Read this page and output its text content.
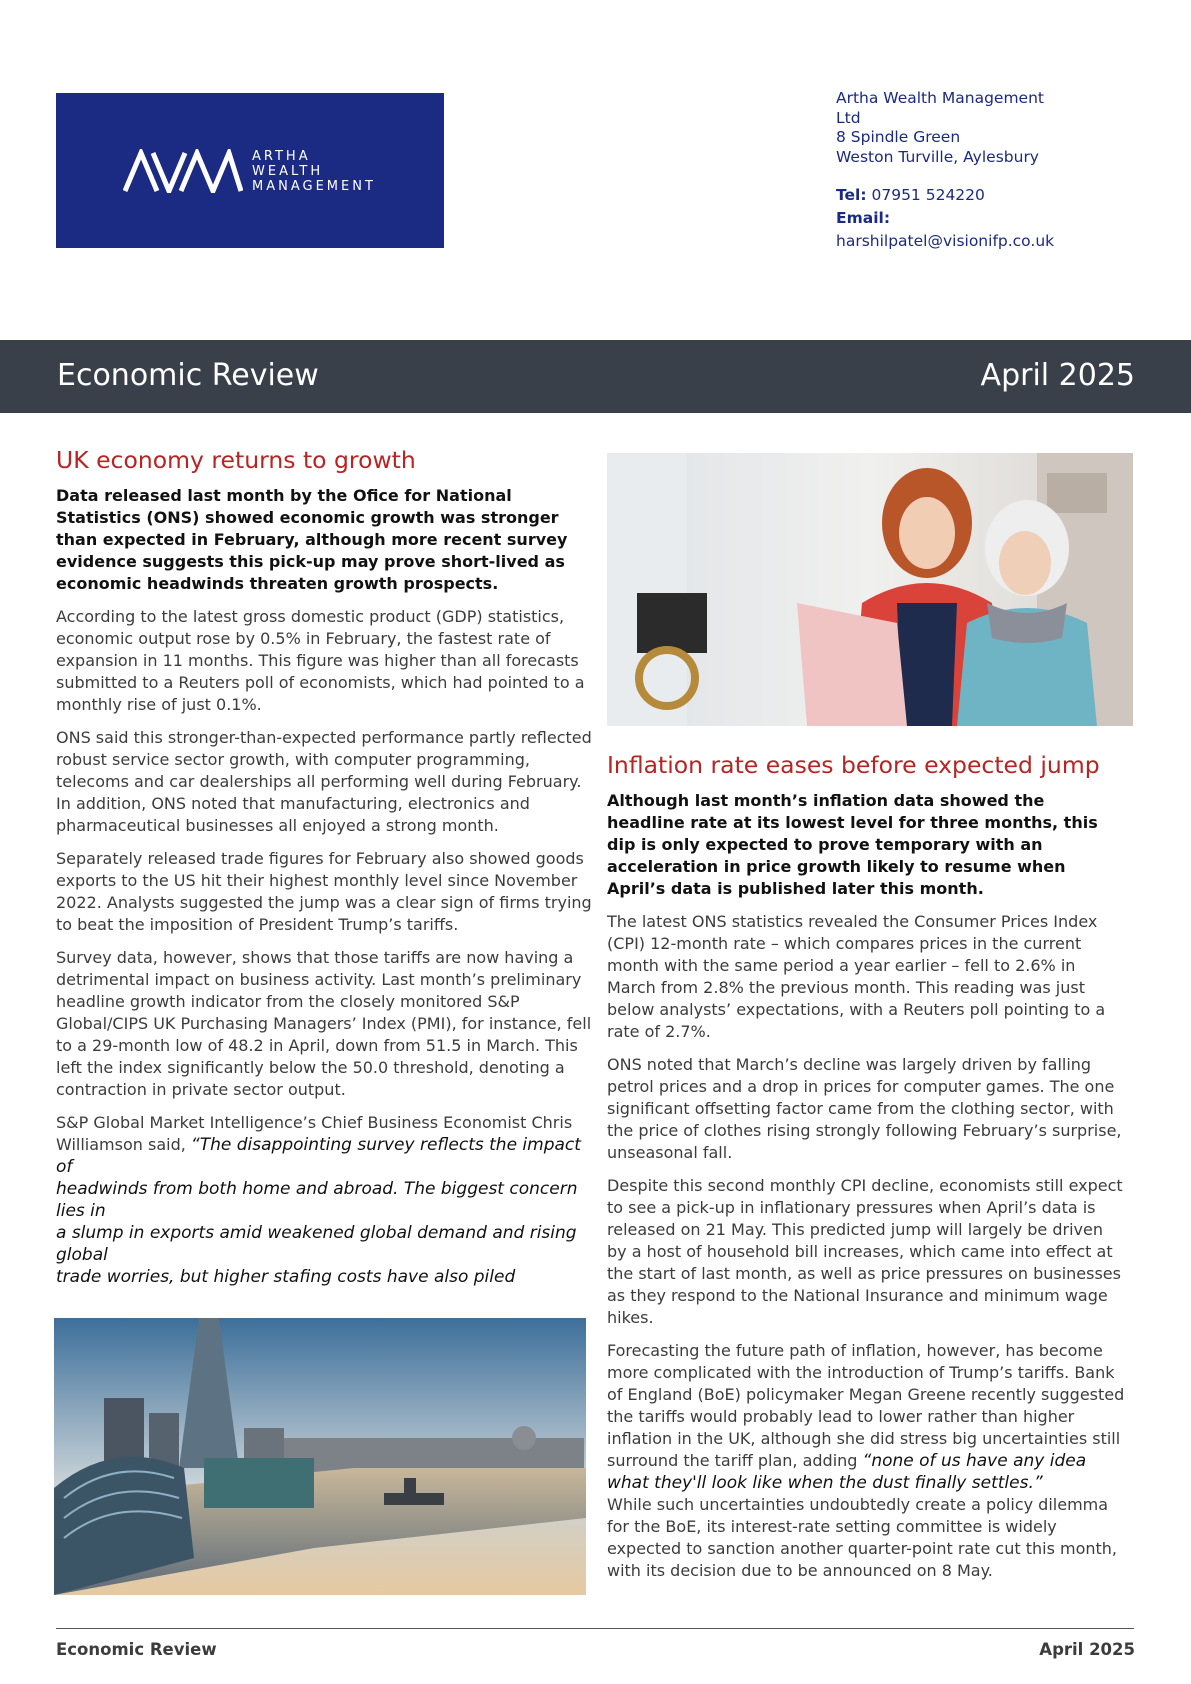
ARTHA
WEALTH
MANAGEMENT
Artha Wealth Management
Ltd
8 Spindle Green
Weston Turville, Aylesbury
Tel: 07951 524220
Email:
harshilpatel@visionifp.co.uk
Economic Review	April 2025
UK economy returns to growth

Data released last month by the Ofice for National Statistics (ONS) showed economic growth was stronger than expected in February, although more recent survey evidence suggests this pick-up may prove short-lived as economic headwinds threaten growth prospects.

According to the latest gross domestic product (GDP) statistics, economic output rose by 0.5% in February, the fastest rate of expansion in 11 months. This figure was higher than all forecasts submitted to a Reuters poll of economists, which had pointed to a monthly rise of just 0.1%.

ONS said this stronger-than-expected performance partly reflected robust service sector growth, with computer programming, telecoms and car dealerships all performing well during February. In addition, ONS noted that manufacturing, electronics and pharmaceutical businesses all enjoyed a strong month.

Separately released trade figures for February also showed goods exports to the US hit their highest monthly level since November 2022. Analysts suggested the jump was a clear sign of firms trying to beat the imposition of President Trump’s tariffs.

Survey data, however, shows that those tariffs are now having a detrimental impact on business activity. Last month’s preliminary headline growth indicator from the closely monitored S&P Global/CIPS UK Purchasing Managers’ Index (PMI), for instance, fell to a 29-month low of 48.2 in April, down from 51.5 in March. This left the index significantly below the 50.0 threshold, denoting a contraction in private sector output.

S&P Global Market Intelligence’s Chief Business Economist Chris Williamson said, “The disappointing survey reflects the impact of

headwinds from both home and abroad. The biggest concern lies in

a slump in exports amid weakened global demand and rising global

trade worries, but higher stafing costs have also piled

Inflation rate eases before expected jump

Although last month’s inflation data showed the headline rate at its lowest level for three months, this dip is only expected to prove temporary with an acceleration in price growth likely to resume when April’s data is published later this month.

The latest ONS statistics revealed the Consumer Prices Index (CPI) 12-month rate – which compares prices in the current month with the same period a year earlier – fell to 2.6% in March from 2.8% the previous month. This reading was just below analysts’ expectations, with a Reuters poll pointing to a rate of 2.7%.

ONS noted that March’s decline was largely driven by falling petrol prices and a drop in prices for computer games. The one significant offsetting factor came from the clothing sector, with the price of clothes rising strongly following February’s surprise, unseasonal fall.

Despite this second monthly CPI decline, economists still expect to see a pick-up in inflationary pressures when April’s data is released on 21 May. This predicted jump will largely be driven by a host of household bill increases, which came into effect at the start of last month, as well as price pressures on businesses as they respond to the National Insurance and minimum wage hikes.

Forecasting the future path of inflation, however, has become more complicated with the introduction of Trump’s tariffs. Bank of England (BoE) policymaker Megan Greene recently suggested the tariffs would probably lead to lower rather than higher inflation in the UK, although she did stress big uncertainties still surround the tariff plan, adding “none of us have any idea what they'll look like when the dust finally settles.”

While such uncertainties undoubtedly create a policy dilemma for the BoE, its interest-rate setting committee is widely expected to sanction another quarter-point rate cut this month, with its decision due to be announced on 8 May.

Economic Review	April 2025
